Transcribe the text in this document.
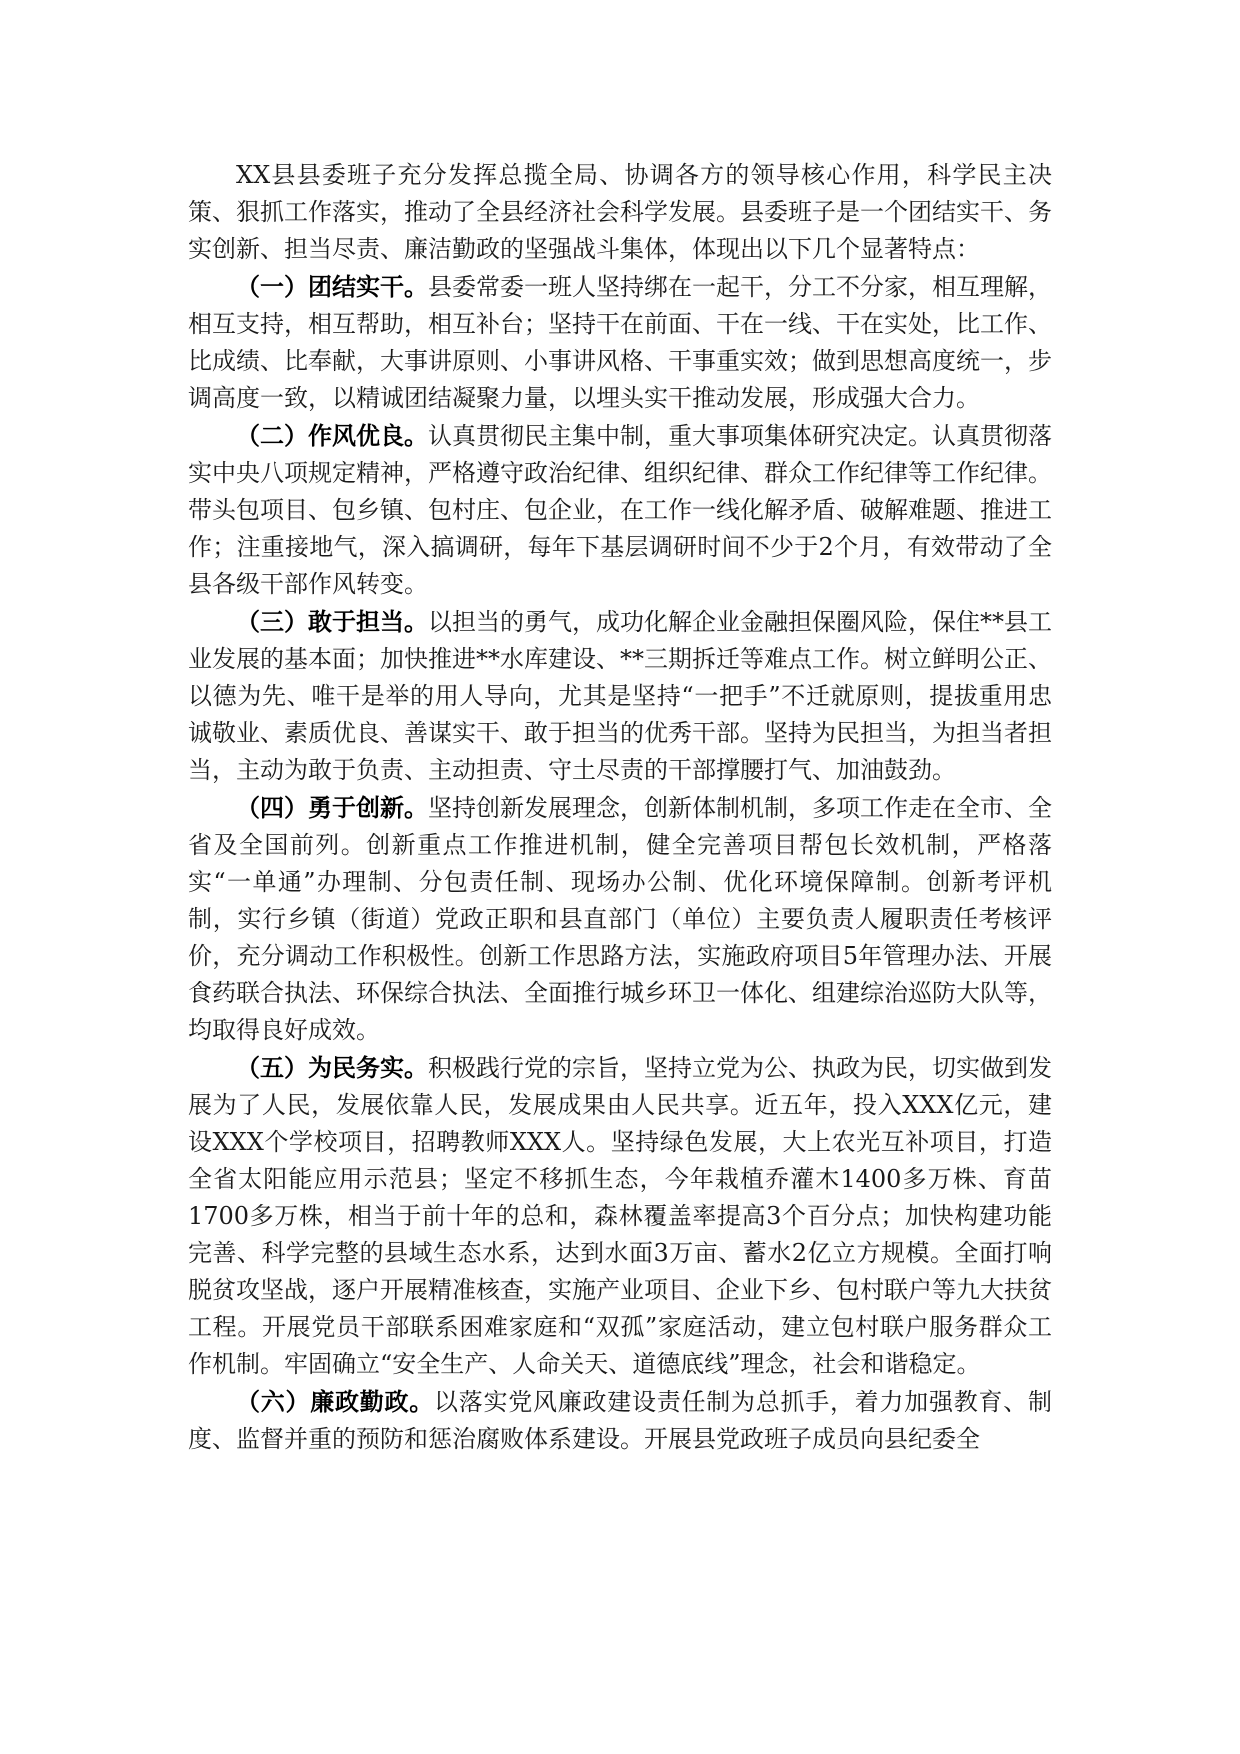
XX县县委班子充分发挥总揽全局、协调各方的领导核心作用，科学民主决策、狠抓工作落实，推动了全县经济社会科学发展。县委班子是一个团结实干、务实创新、担当尽责、廉洁勤政的坚强战斗集体，体现出以下几个显著特点：

（一）团结实干。县委常委一班人坚持绑在一起干，分工不分家，相互理解，相互支持，相互帮助，相互补台；坚持干在前面、干在一线、干在实处，比工作、比成绩、比奉献，大事讲原则、小事讲风格、干事重实效；做到思想高度统一，步调高度一致，以精诚团结凝聚力量，以埋头实干推动发展，形成强大合力。

（二）作风优良。认真贯彻民主集中制，重大事项集体研究决定。认真贯彻落实中央八项规定精神，严格遵守政治纪律、组织纪律、群众工作纪律等工作纪律。带头包项目、包乡镇、包村庄、包企业，在工作一线化解矛盾、破解难题、推进工作；注重接地气，深入搞调研，每年下基层调研时间不少于2个月，有效带动了全县各级干部作风转变。

（三）敢于担当。以担当的勇气，成功化解企业金融担保圈风险，保住**县工业发展的基本面；加快推进**水库建设、**三期拆迁等难点工作。树立鲜明公正、以德为先、唯干是举的用人导向，尤其是坚持“一把手”不迁就原则，提拔重用忠诚敬业、素质优良、善谋实干、敢于担当的优秀干部。坚持为民担当，为担当者担当，主动为敢于负责、主动担责、守土尽责的干部撑腰打气、加油鼓劲。

（四）勇于创新。坚持创新发展理念，创新体制机制，多项工作走在全市、全省及全国前列。创新重点工作推进机制，健全完善项目帮包长效机制，严格落实“一单通”办理制、分包责任制、现场办公制、优化环境保障制。创新考评机制，实行乡镇（街道）党政正职和县直部门（单位）主要负责人履职责任考核评价，充分调动工作积极性。创新工作思路方法，实施政府项目5年管理办法、开展食药联合执法、环保综合执法、全面推行城乡环卫一体化、组建综治巡防大队等，均取得良好成效。

（五）为民务实。积极践行党的宗旨，坚持立党为公、执政为民，切实做到发展为了人民，发展依靠人民，发展成果由人民共享。近五年，投入XXX亿元，建设XXX个学校项目，招聘教师XXX人。坚持绿色发展，大上农光互补项目，打造全省太阳能应用示范县；坚定不移抓生态，今年栽植乔灌木1400多万株、育苗1700多万株，相当于前十年的总和，森林覆盖率提高3个百分点；加快构建功能完善、科学完整的县域生态水系，达到水面3万亩、蓄水2亿立方规模。全面打响脱贫攻坚战，逐户开展精准核查，实施产业项目、企业下乡、包村联户等九大扶贫工程。开展党员干部联系困难家庭和“双孤”家庭活动，建立包村联户服务群众工作机制。牢固确立“安全生产、人命关天、道德底线”理念，社会和谐稳定。

（六）廉政勤政。以落实党风廉政建设责任制为总抓手，着力加强教育、制度、监督并重的预防和惩治腐败体系建设。开展县党政班子成员向县纪委全
